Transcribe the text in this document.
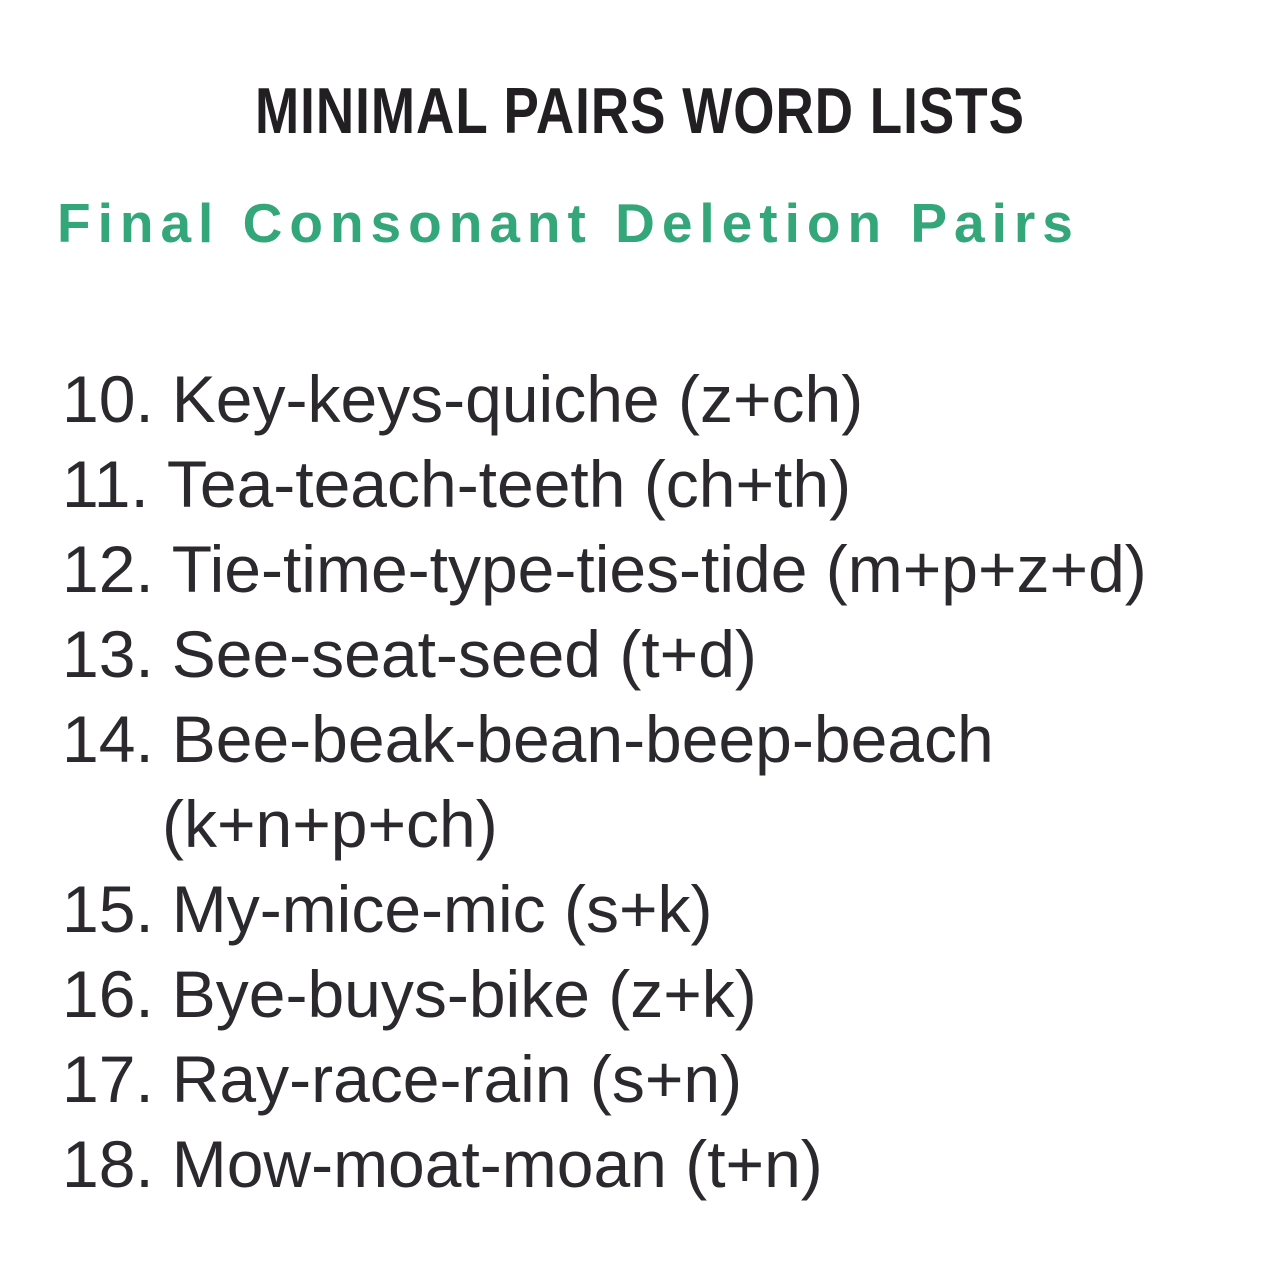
MINIMAL PAIRS WORD LISTS
Final Consonant Deletion Pairs
10. Key-keys-quiche (z+ch)
11. Tea-teach-teeth (ch+th)
12. Tie-time-type-ties-tide (m+p+z+d)
13. See-seat-seed (t+d)
14. Bee-beak-bean-beep-beach (k+n+p+ch)
15. My-mice-mic (s+k)
16. Bye-buys-bike (z+k)
17. Ray-race-rain (s+n)
18. Mow-moat-moan (t+n)
